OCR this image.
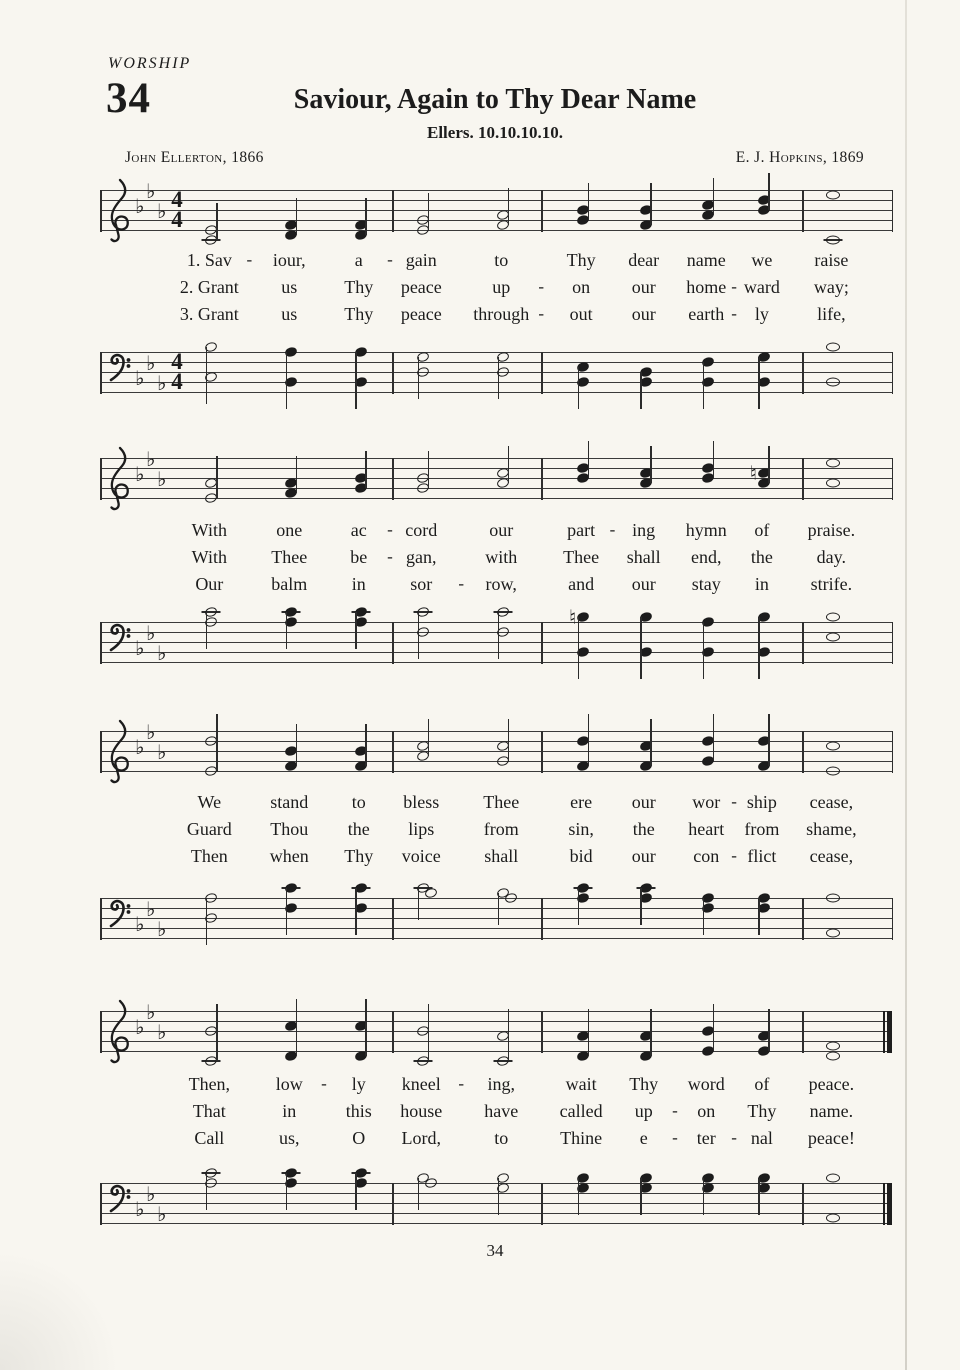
WORSHIP
34	Saviour, Again to Thy Dear Name
Ellers. 10.10.10.10.
John Ellerton, 1866	E. J. Hopkins, 1869
34
♭
♭
♭ 4
4
1. Sav iour,	a gain	to	Thy dear name we raise
-	-
2. Grant us	Thy peace	up	on our home ward way;
-	-
3. Grant us	Thy peace through out our earth ly	life,
-	-
♭
♭
♭
4
4
♭
♭
♭	♮
With	one	ac cord	our	part ing hymn of praise.
-	-
With Thee be gan,	with	Thee shall end, the day.
-
Our	balm in sor	row,	and our stay in strife.
-
♭
♭
♭
♮
♭
♭
♭
We	stand to bless Thee	ere our wor ship cease,
-
Guard Thou the lips	from	sin, the heart from shame,
Then when Thy voice shall	bid our con flict cease,
-
♭
♭
♭
♭
♭
♭
Then,	low	ly kneel	ing,	wait Thy word of peace.
-	-
That	in	this house have called up on Thy name.
-
Call	us,	O Lord,	to	Thine e	ter nal peace!
-	-
♭
♭
♭
